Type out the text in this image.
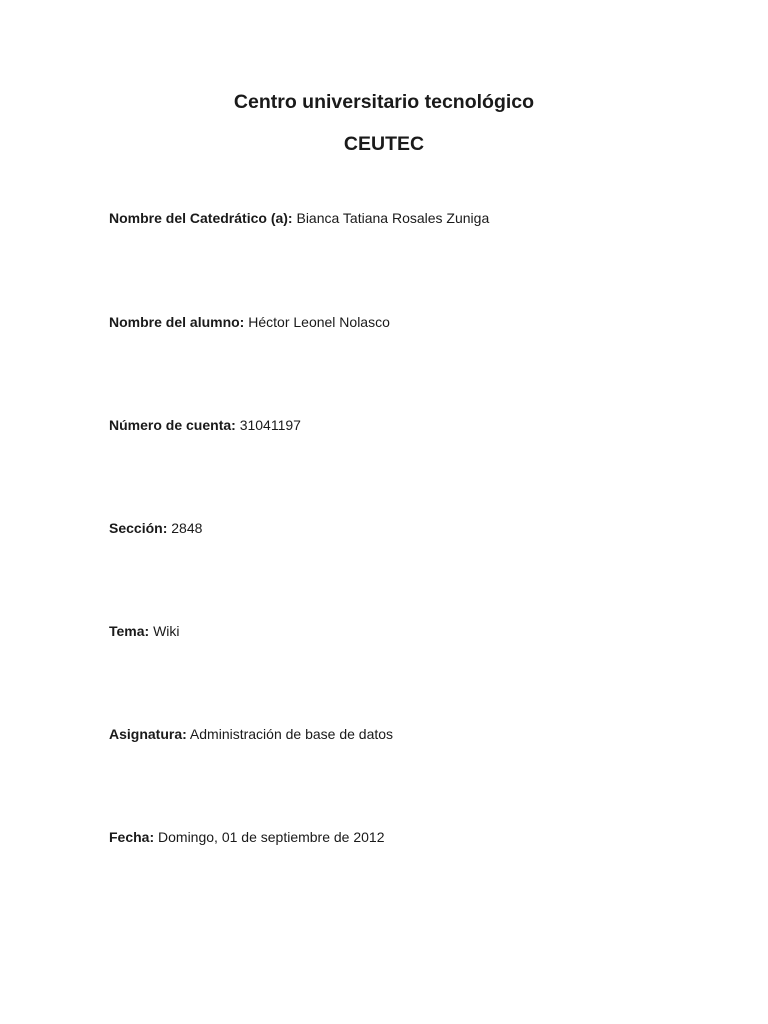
Centro universitario tecnológico
CEUTEC
Nombre del Catedrático (a): Bianca Tatiana Rosales Zuniga
Nombre del alumno: Héctor Leonel Nolasco
Número de cuenta: 31041197
Sección: 2848
Tema: Wiki
Asignatura: Administración de base de datos
Fecha: Domingo, 01 de septiembre de 2012
